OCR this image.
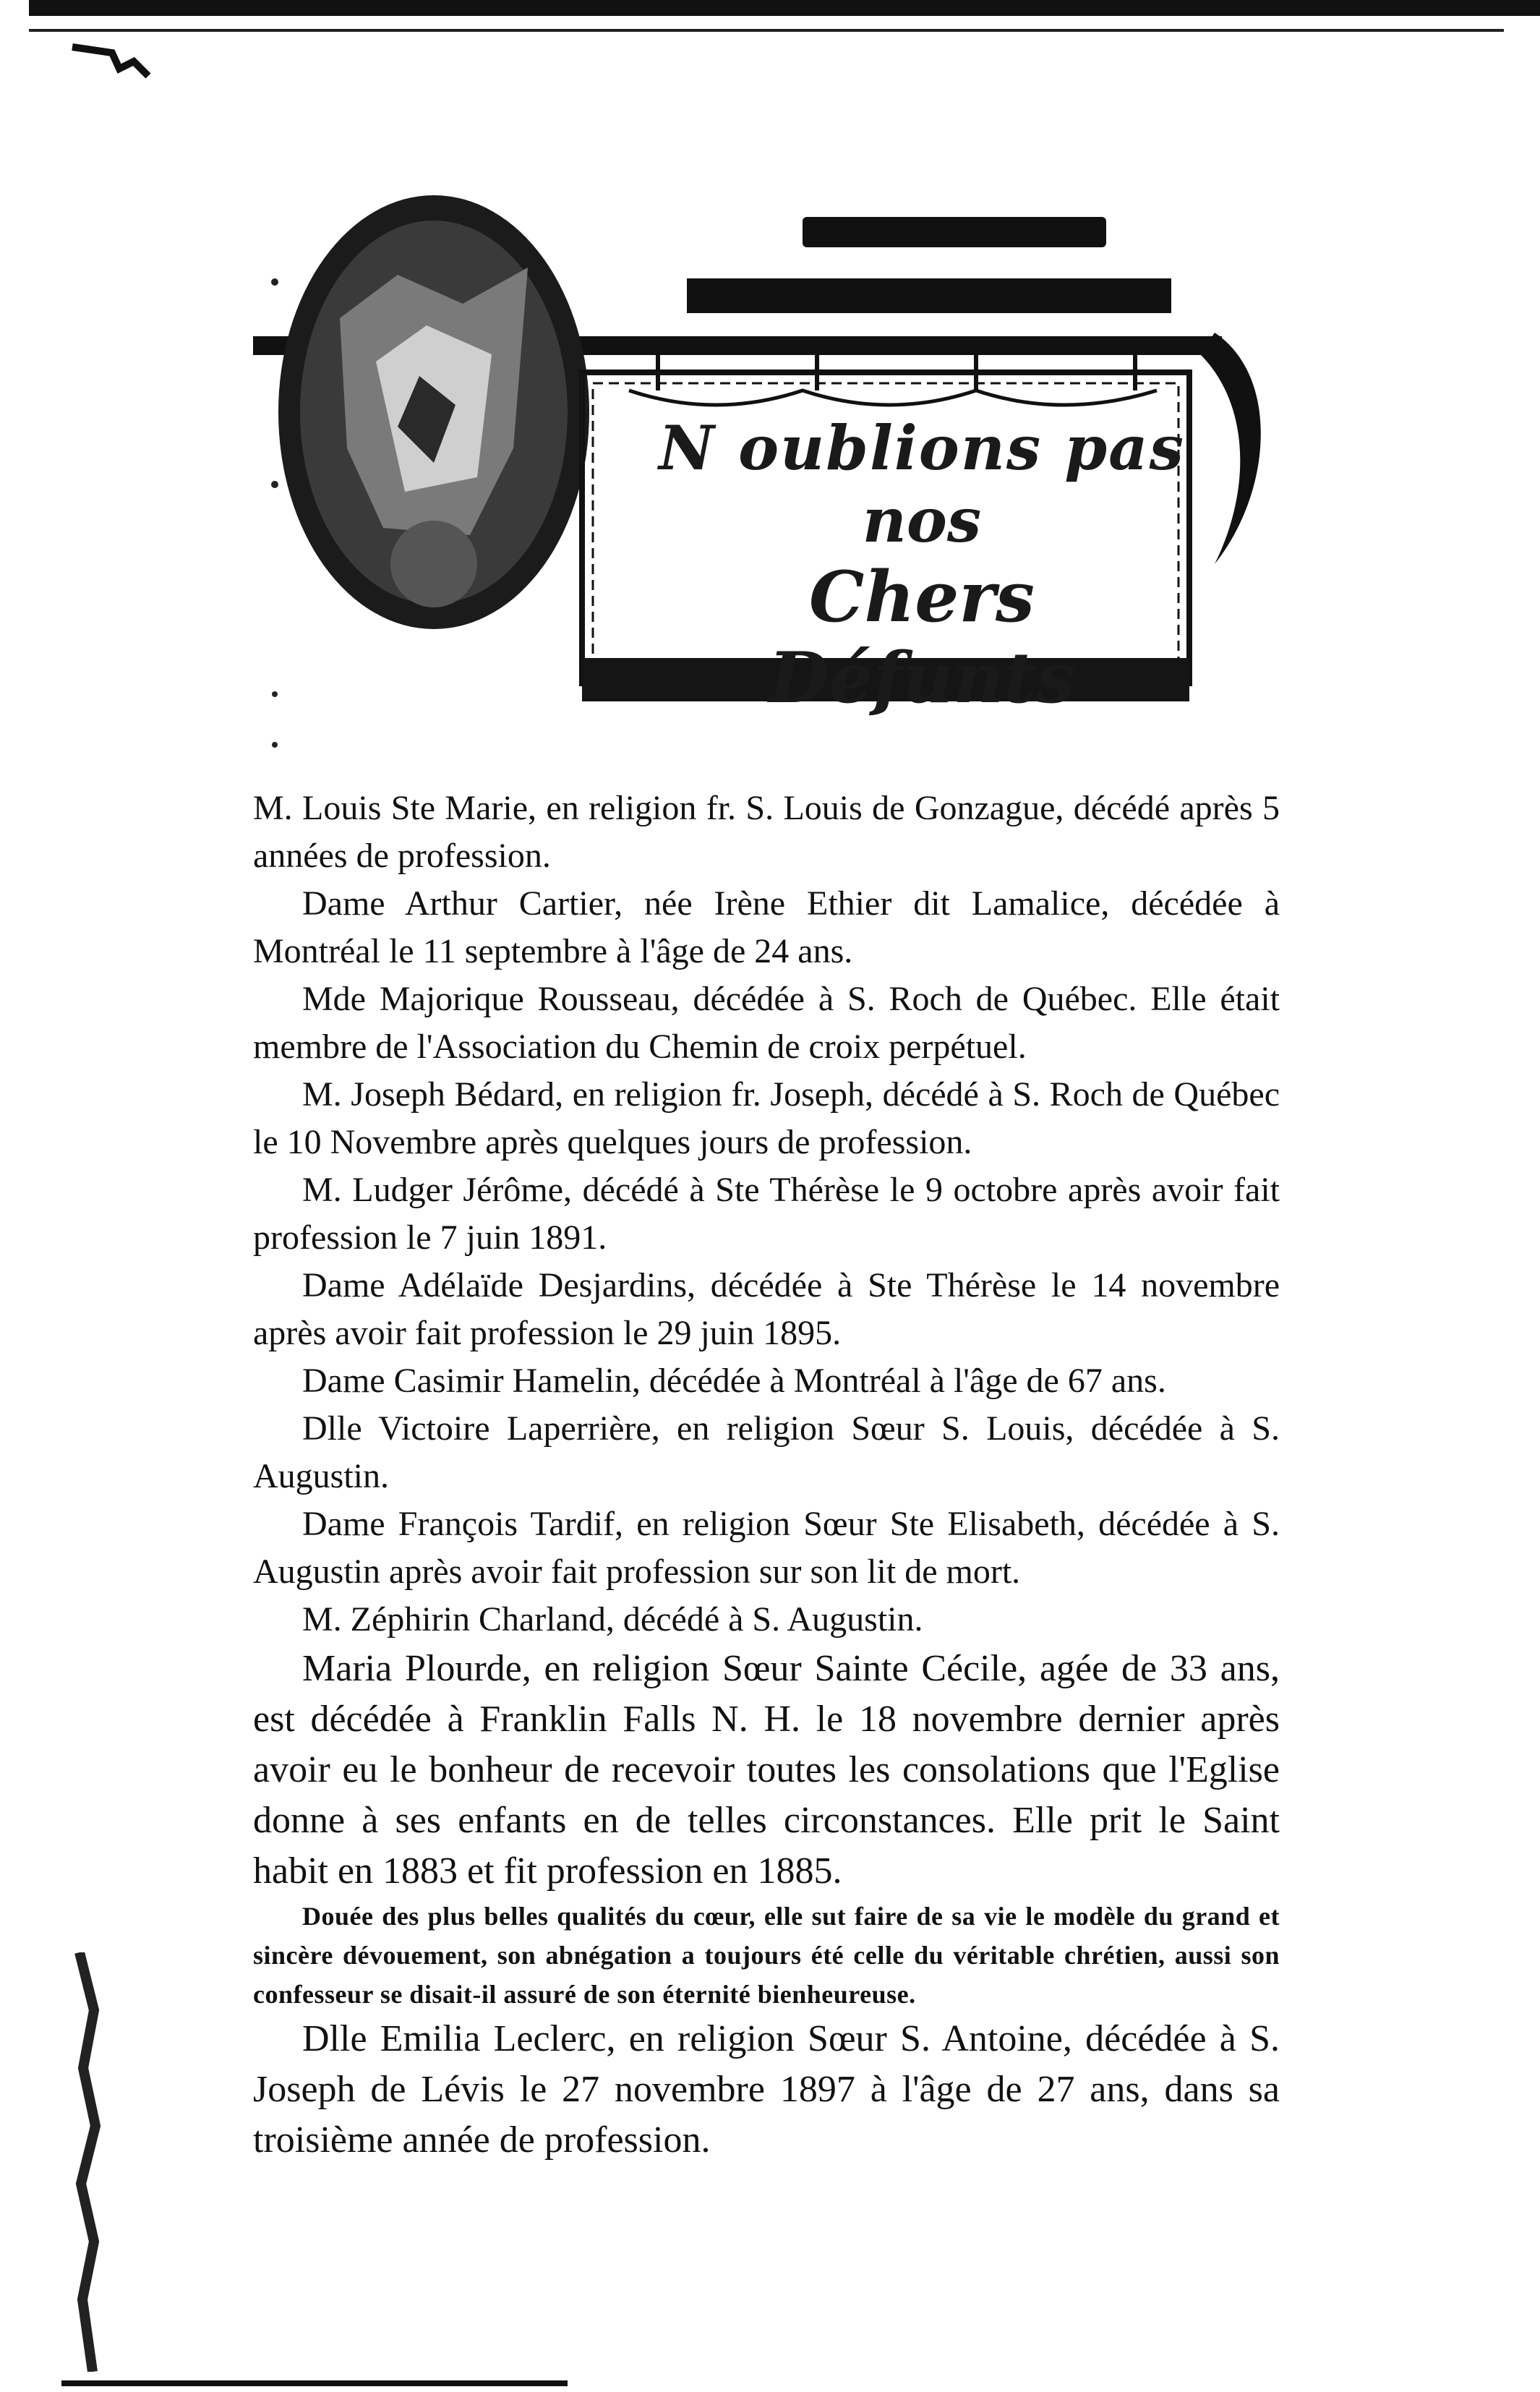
N oublions pas
nos
Chers Défunts

M. Louis Ste Marie, en religion fr. S. Louis de Gonzague, décédé après 5 années de profession.

Dame Arthur Cartier, née Irène Ethier dit Lamalice, décédée à Montréal le 11 septembre à l'âge de 24 ans.

Mde Majorique Rousseau, décédée à S. Roch de Québec. Elle était membre de l'Association du Chemin de croix perpétuel.

M. Joseph Bédard, en religion fr. Joseph, décédé à S. Roch de Québec le 10 Novembre après quelques jours de profession.

M. Ludger Jérôme, décédé à Ste Thérèse le 9 octobre après avoir fait profession le 7 juin 1891.

Dame Adélaïde Desjardins, décédée à Ste Thérèse le 14 novembre après avoir fait profession le 29 juin 1895.

Dame Casimir Hamelin, décédée à Montréal à l'âge de 67 ans.

Dlle Victoire Laperrière, en religion Sœur S. Louis, décédée à S. Augustin.

Dame François Tardif, en religion Sœur Ste Elisabeth, décédée à S. Augustin après avoir fait profession sur son lit de mort.

M. Zéphirin Charland, décédé à S. Augustin.

Maria Plourde, en religion Sœur Sainte Cécile, agée de 33 ans, est décédée à Franklin Falls N. H. le 18 novembre dernier après avoir eu le bonheur de recevoir toutes les consolations que l'Eglise donne à ses enfants en de telles circonstances. Elle prit le Saint habit en 1883 et fit profession en 1885.

Douée des plus belles qualités du cœur, elle sut faire de sa vie le modèle du grand et sincère dévouement, son abnégation a toujours été celle du véritable chrétien, aussi son confesseur se disait-il assuré de son éternité bienheureuse.

Dlle Emilia Leclerc, en religion Sœur S. Antoine, décédée à S. Joseph de Lévis le 27 novembre 1897 à l'âge de 27 ans, dans sa troisième année de profession.
